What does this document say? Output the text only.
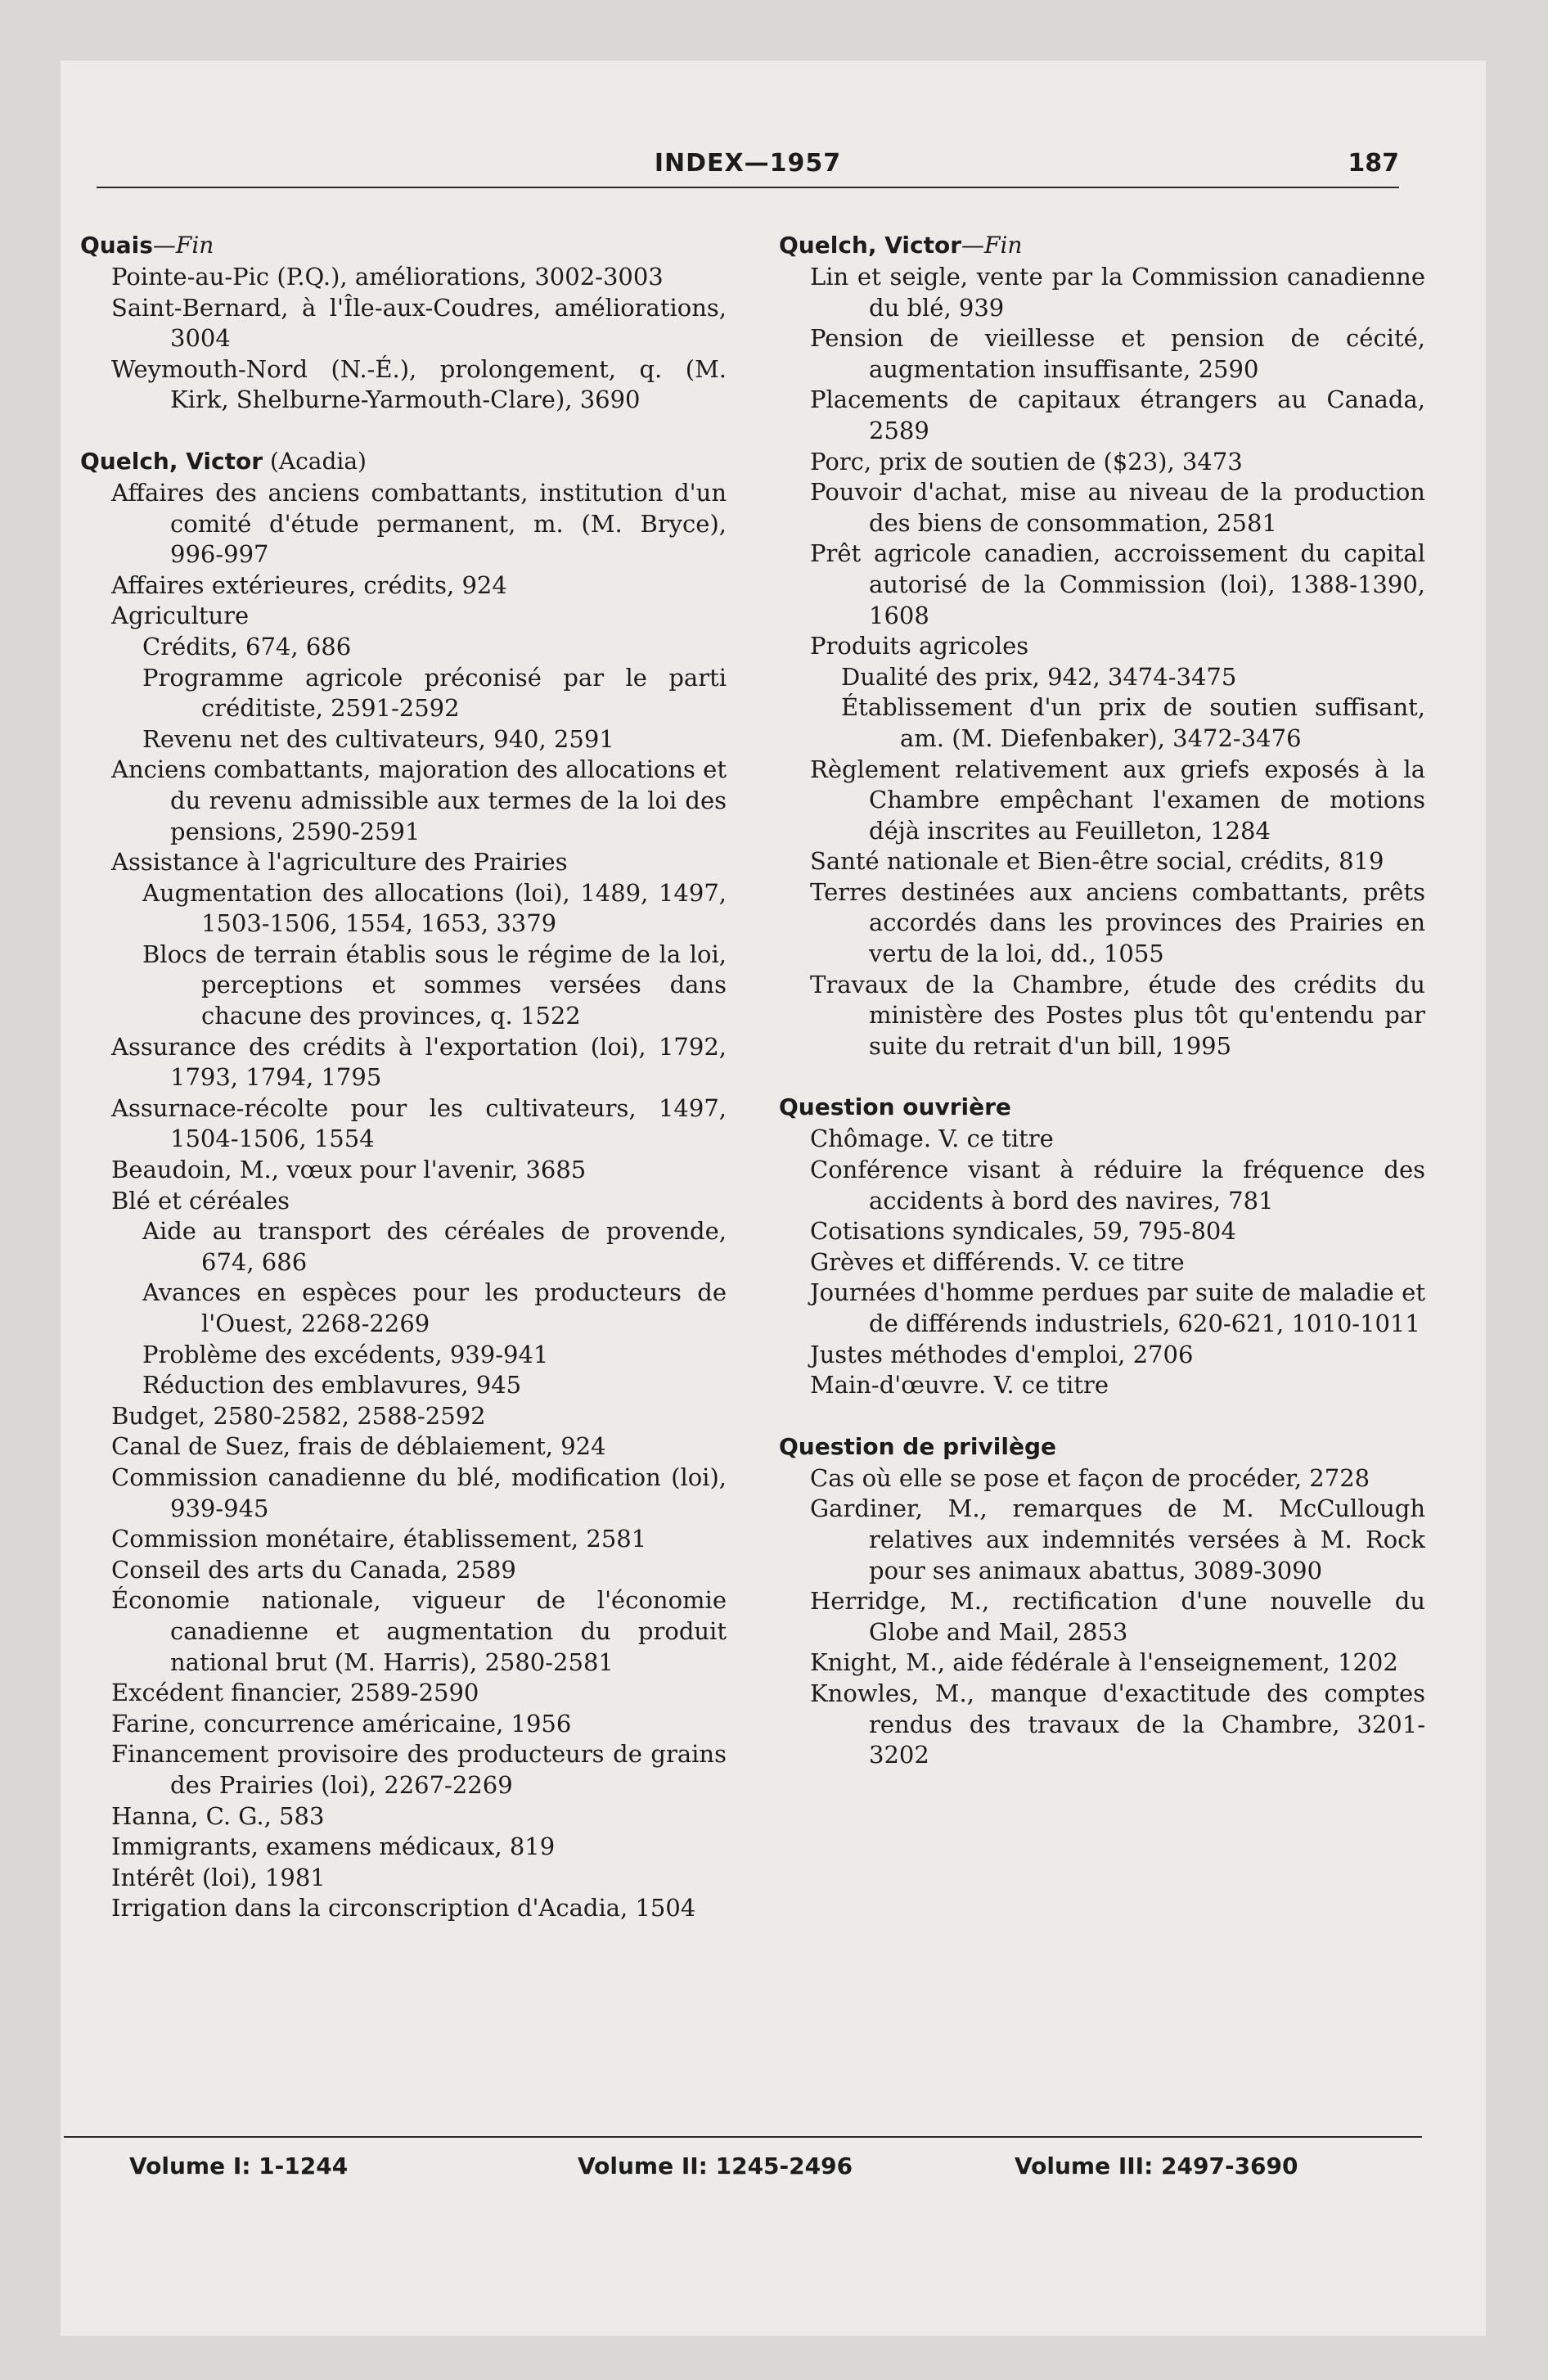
INDEX—1957	187

Quais—Fin

Pointe-au-Pic (P.Q.), améliorations, 3002-3003

Saint-Bernard, à l'Île-aux-Coudres, améliorations, 3004

Weymouth-Nord (N.-É.), prolongement, q. (M. Kirk, Shelburne-Yarmouth-Clare), 3690

Quelch, Victor (Acadia)

Affaires des anciens combattants, institution d'un comité d'étude permanent, m. (M. Bryce), 996-997

Affaires extérieures, crédits, 924

Agriculture

Crédits, 674, 686

Programme agricole préconisé par le parti créditiste, 2591-2592

Revenu net des cultivateurs, 940, 2591

Anciens combattants, majoration des allocations et du revenu admissible aux termes de la loi des pensions, 2590-2591

Assistance à l'agriculture des Prairies

Augmentation des allocations (loi), 1489, 1497, 1503-1506, 1554, 1653, 3379

Blocs de terrain établis sous le régime de la loi, perceptions et sommes versées dans chacune des provinces, q. 1522

Assurance des crédits à l'exportation (loi), 1792, 1793, 1794, 1795

Assurnace-récolte pour les cultivateurs, 1497, 1504-1506, 1554

Beaudoin, M., vœux pour l'avenir, 3685

Blé et céréales

Aide au transport des céréales de provende, 674, 686

Avances en espèces pour les producteurs de l'Ouest, 2268-2269

Problème des excédents, 939-941

Réduction des emblavures, 945

Budget, 2580-2582, 2588-2592

Canal de Suez, frais de déblaiement, 924

Commission canadienne du blé, modification (loi), 939-945

Commission monétaire, établissement, 2581

Conseil des arts du Canada, 2589

Économie nationale, vigueur de l'économie canadienne et augmentation du produit national brut (M. Harris), 2580-2581

Excédent financier, 2589-2590

Farine, concurrence américaine, 1956

Financement provisoire des producteurs de grains des Prairies (loi), 2267-2269

Hanna, C. G., 583

Immigrants, examens médicaux, 819

Intérêt (loi), 1981

Irrigation dans la circonscription d'Acadia, 1504

Quelch, Victor—Fin

Lin et seigle, vente par la Commission canadienne du blé, 939

Pension de vieillesse et pension de cécité, augmentation insuffisante, 2590

Placements de capitaux étrangers au Canada, 2589

Porc, prix de soutien de ($23), 3473

Pouvoir d'achat, mise au niveau de la production des biens de consommation, 2581

Prêt agricole canadien, accroissement du capital autorisé de la Commission (loi), 1388-1390, 1608

Produits agricoles

Dualité des prix, 942, 3474-3475

Établissement d'un prix de soutien suffisant, am. (M. Diefenbaker), 3472-3476

Règlement relativement aux griefs exposés à la Chambre empêchant l'examen de motions déjà inscrites au Feuilleton, 1284

Santé nationale et Bien-être social, crédits, 819

Terres destinées aux anciens combattants, prêts accordés dans les provinces des Prairies en vertu de la loi, dd., 1055

Travaux de la Chambre, étude des crédits du ministère des Postes plus tôt qu'entendu par suite du retrait d'un bill, 1995

Question ouvrière

Chômage. V. ce titre

Conférence visant à réduire la fréquence des accidents à bord des navires, 781

Cotisations syndicales, 59, 795-804

Grèves et différends. V. ce titre

Journées d'homme perdues par suite de maladie et de différends industriels, 620-621, 1010-1011

Justes méthodes d'emploi, 2706

Main-d'œuvre. V. ce titre

Question de privilège

Cas où elle se pose et façon de procéder, 2728

Gardiner, M., remarques de M. McCullough relatives aux indemnités versées à M. Rock pour ses animaux abattus, 3089-3090

Herridge, M., rectification d'une nouvelle du Globe and Mail, 2853

Knight, M., aide fédérale à l'enseignement, 1202

Knowles, M., manque d'exactitude des comptes rendus des travaux de la Chambre, 3201-3202

Volume I: 1-1244	Volume II: 1245-2496	Volume III: 2497-3690
